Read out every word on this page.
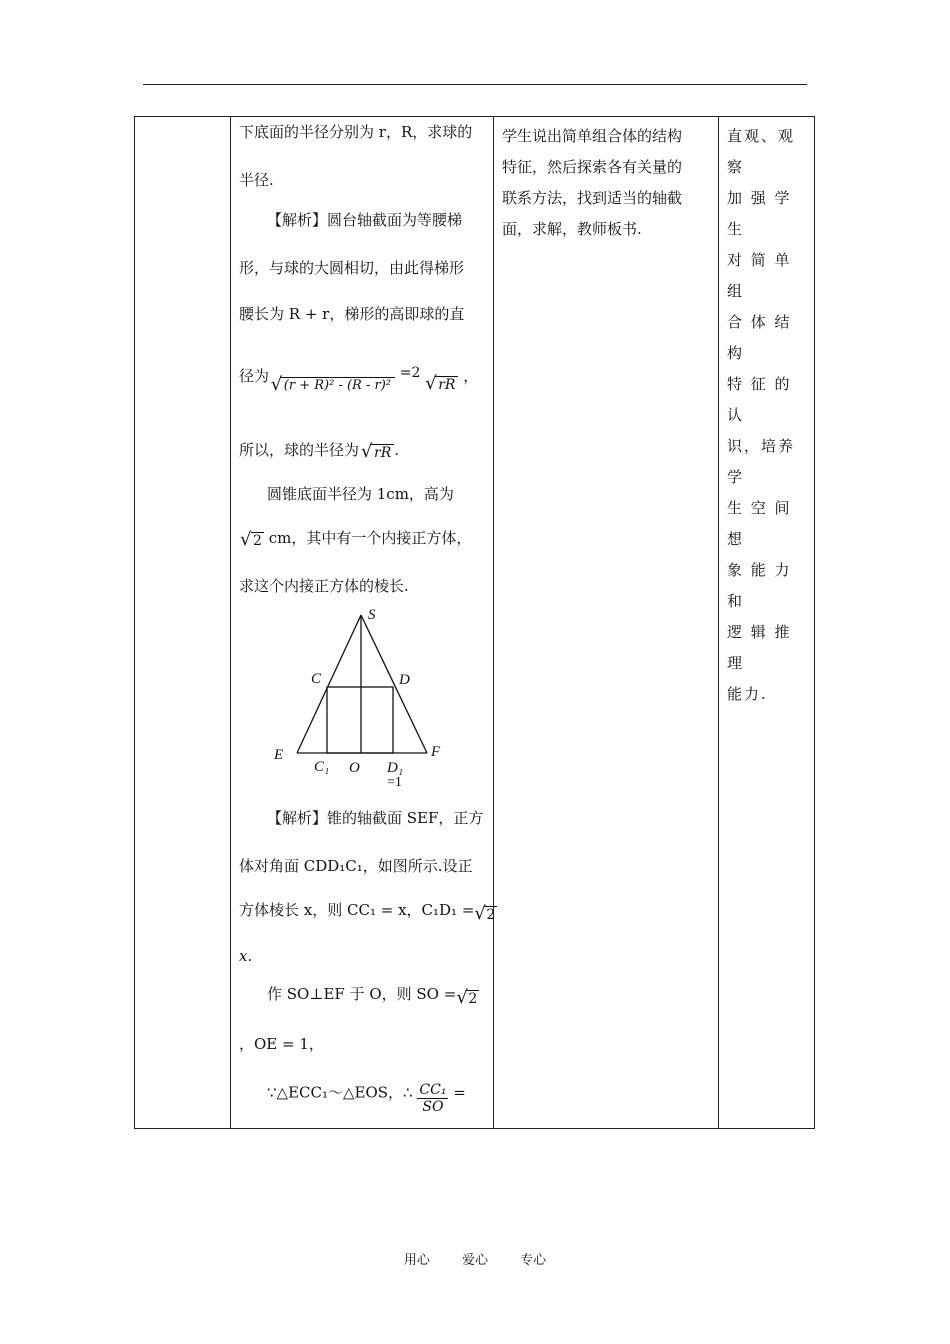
下底面的半径分别为 r，R，求球的

半径.

【解析】圆台轴截面为等腰梯

形，与球的大圆相切，由此得梯形

腰长为 R + r，梯形的高即球的直

径为 √ (r + R)² - (R - r)² =2 √ rR ，

所以，球的半径为 √ rR .

圆锥底面半径为 1cm，高为

√ 2 cm，其中有一个内接正方体，

求这个内接正方体的棱长.

S
C	D
E	F
C₁ O D₁
=1

【解析】锥的轴截面 SEF，正方

体对角面 CDD₁C₁，如图所示.设正

方体棱长 x，则 CC₁ = x，C₁D₁ = √ 2

x.

作 SO⊥EF 于 O，则 SO = √ 2

，OE = 1，

∵△ECC₁～△EOS，∴ $\frac{\text{CC₁}}{SO}$ =

学生说出简单组合体的结构

特征，然后探索各有关量的

联系方法，找到适当的轴截

面，求解，教师板书.

直观、观察

加 强 学 生

对 简 单 组

合 体 结 构

特 征 的 认

识，培养学

生 空 间 想

象 能 力 和

逻 辑 推 理

能力.

用心 爱心 专心
